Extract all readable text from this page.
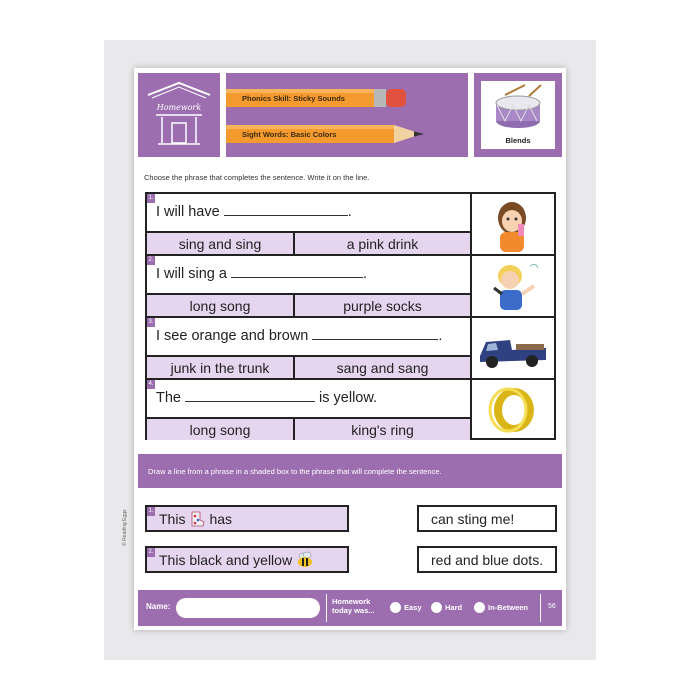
Homework
Phonics Skill: Sticky Sounds
Sight Words: Basic Colors
Blends
Choose the phrase that completes the sentence. Write it on the line.
1.
I will have	.
sing and sing	a pink drink
2.
I will sing a	.
long song	purple socks
3.
I see orange and brown	.
junk in the trunk	sang and sang
4.
The	is yellow.
long song	king's ring
Draw a line from a phrase in a shaded box to the phrase that will complete the sentence.
1. This has
2. This black and yellow
can sting me!
red and blue dots.
© Reading Eggs
Name:
Homework
today was...	Easy	Hard	In-Between	56
